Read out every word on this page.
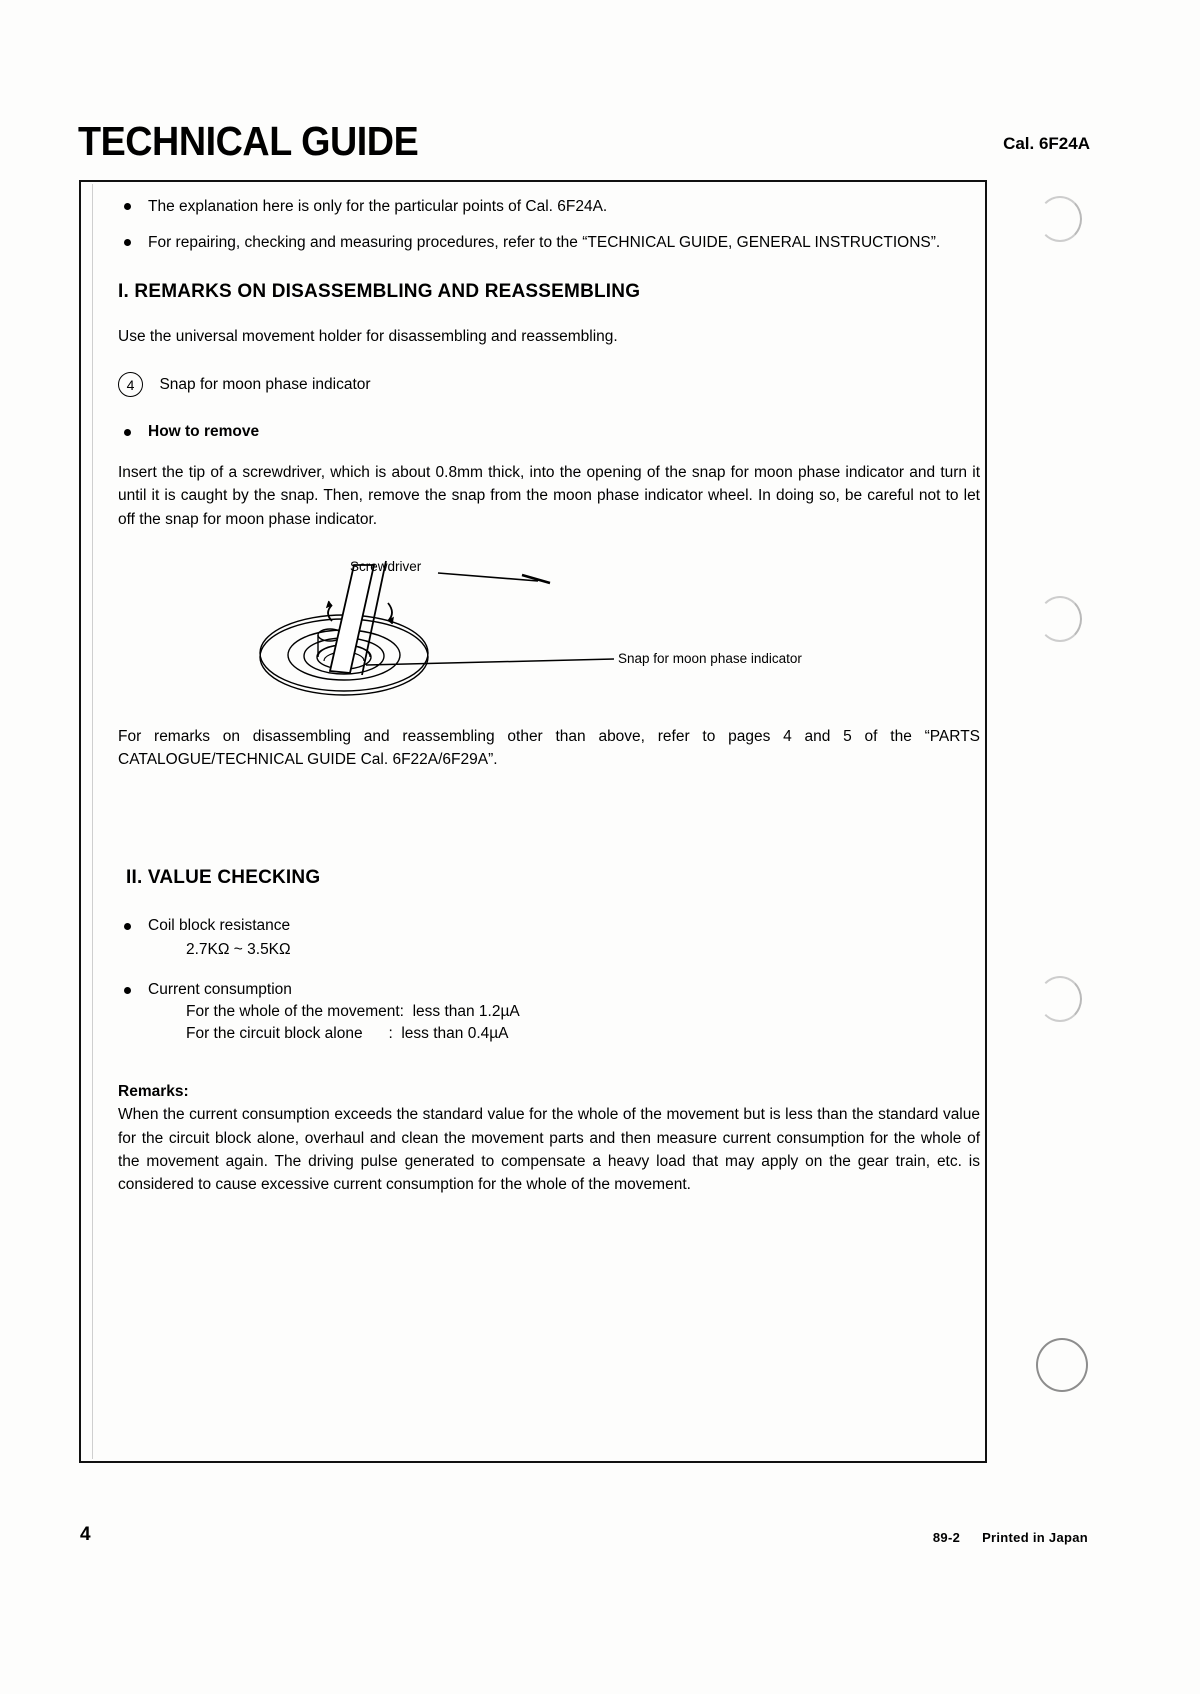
TECHNICAL GUIDE	Cal. 6F24A
The explanation here is only for the particular points of Cal. 6F24A.
For repairing, checking and measuring procedures, refer to the “TECHNICAL GUIDE, GENERAL INSTRUCTIONS”.
I. REMARKS ON DISASSEMBLING AND REASSEMBLING

Use the universal movement holder for disassembling and reassembling.

4 Snap for moon phase indicator
How to remove

Insert the tip of a screwdriver, which is about 0.8mm thick, into the opening of the snap for moon phase indicator and turn it until it is caught by the snap. Then, remove the snap from the moon phase indicator wheel. In doing so, be careful not to let off the snap for moon phase indicator.

Screwdriver
Snap for moon phase indicator

For remarks on disassembling and reassembling other than above, refer to pages 4 and 5 of the “PARTS CATALOGUE/TECHNICAL GUIDE Cal. 6F22A/6F29A”.

II. VALUE CHECKING
Coil block resistance
2.7KΩ ~ 3.5KΩ
Current consumption
For the whole of the movement:  less than 1.2µA
For the circuit block alone      :  less than 0.4µA

Remarks:

When the current consumption exceeds the standard value for the whole of the movement but is less than the standard value for the circuit block alone, overhaul and clean the movement parts and then measure current consumption for the whole of the movement again. The driving pulse generated to compensate a heavy load that may apply on the gear train, etc. is considered to cause excessive current consumption for the whole of the movement.

4	89-2 Printed in Japan
